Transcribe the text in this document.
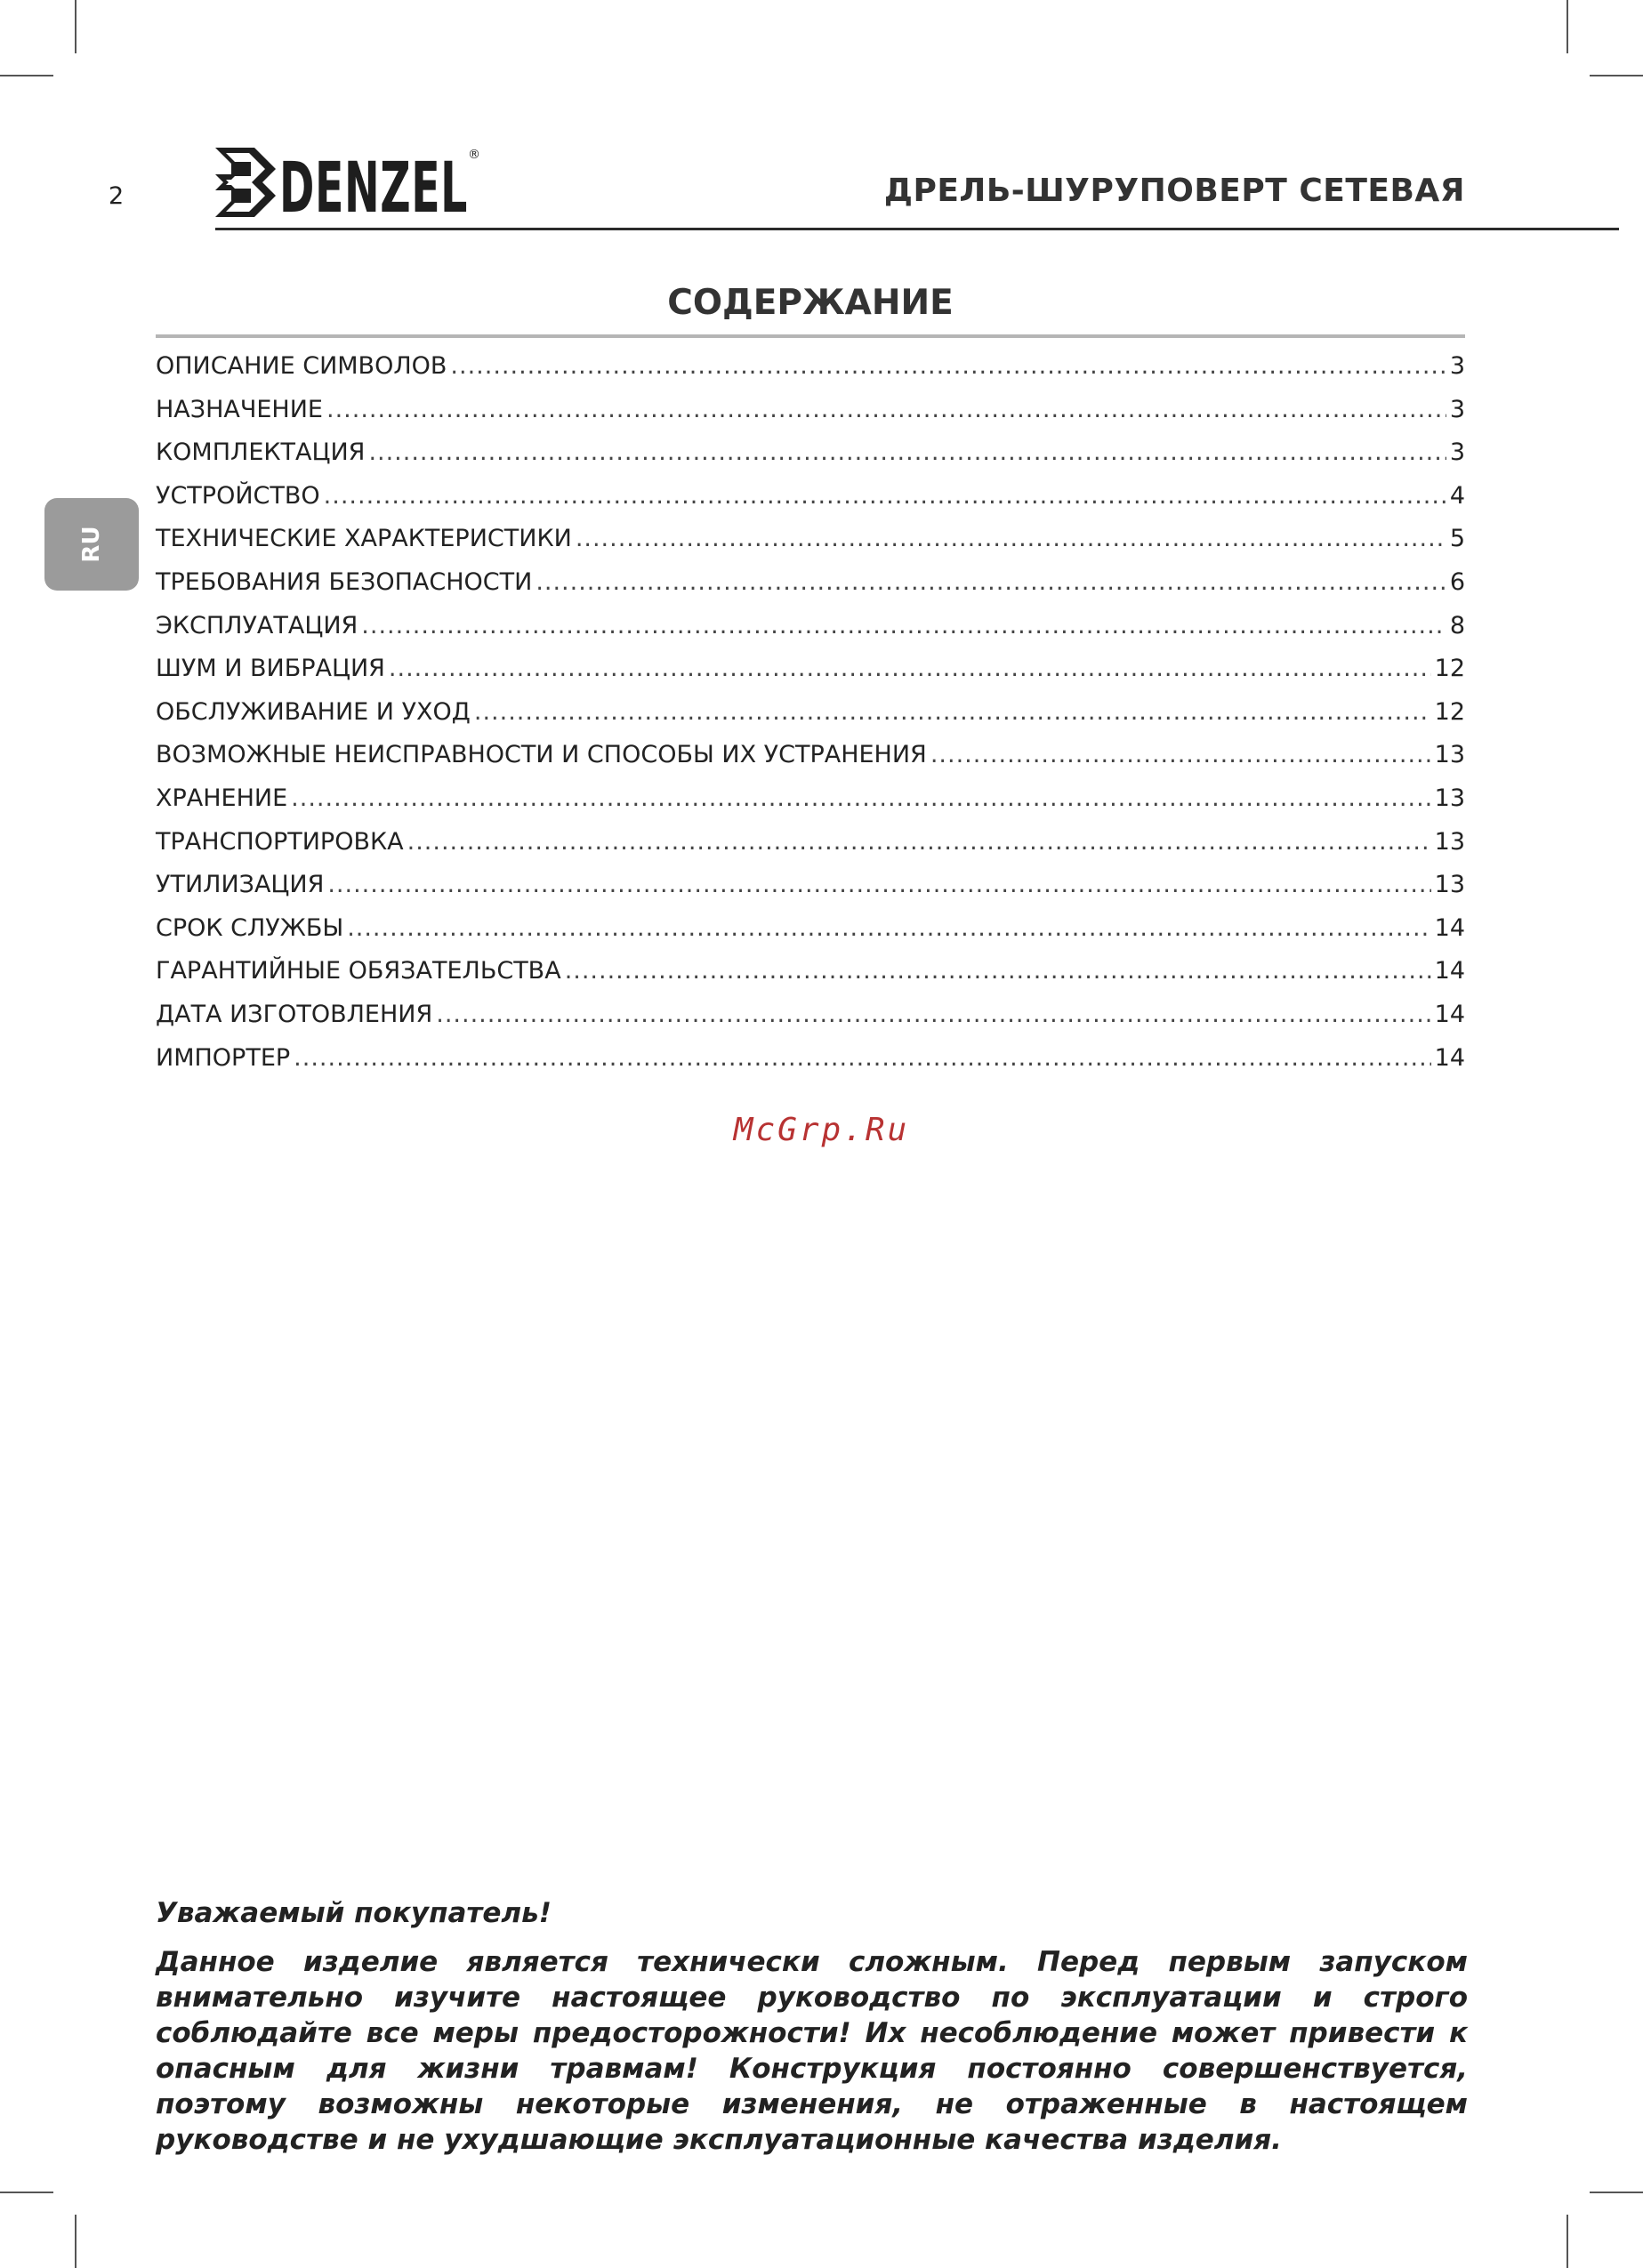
2 DENZEL ®
ДРЕЛЬ-ШУРУПОВЕРТ СЕТЕВАЯ
RU
СОДЕРЖАНИЕ
ОПИСАНИЕ СИМВОЛОВ .....	3
НАЗНАЧЕНИЕ .....	3
КОМПЛЕКТАЦИЯ .....	3
УСТРОЙСТВО .....	4
ТЕХНИЧЕСКИЕ ХАРАКТЕРИСТИКИ .....	5
ТРЕБОВАНИЯ БЕЗОПАСНОСТИ .....	6
ЭКСПЛУАТАЦИЯ .....	8
ШУМ И ВИБРАЦИЯ .....	12
ОБСЛУЖИВАНИЕ И УХОД .....	12
ВОЗМОЖНЫЕ НЕИСПРАВНОСТИ И СПОСОБЫ ИХ УСТРАНЕНИЯ .....	13
ХРАНЕНИЕ .....	13
ТРАНСПОРТИРОВКА .....	13
УТИЛИЗАЦИЯ .....	13
СРОК СЛУЖБЫ .....	14
ГАРАНТИЙНЫЕ ОБЯЗАТЕЛЬСТВА .....	14
ДАТА ИЗГОТОВЛЕНИЯ .....	14
ИМПОРТЕР .....	14
McGrp.Ru
Уважаемый покупатель!
Данное изделие является технически сложным. Перед первым запуском внимательно изучите настоящее руководство по эксплуатации и строго соблюдайте все меры предосторожности! Их несоблюдение может привести к опасным для жизни травмам! Конструкция постоянно совершенствуется, поэтому возможны некоторые изменения, не отраженные в настоящем руководстве и не ухудшающие эксплуатационные качества изделия.
